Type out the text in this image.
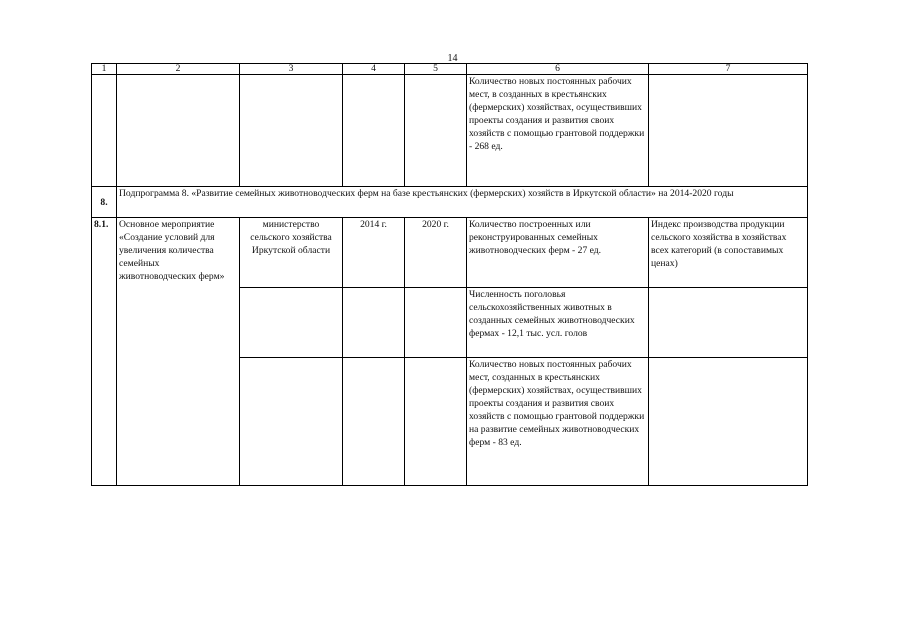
14
1	2	3	4	5	6	7
					Количество новых постоянных рабочих мест, в созданных в крестьянских (фермерских) хозяйствах, осуществивших проекты создания и развития своих хозяйств с помощью грантовой поддержки - 268 ед.	
8.	Подпрограмма 8. «Развитие семейных животноводческих ферм на базе крестьянских (фермерских) хозяйств в Иркутской области» на 2014-2020 годы					
8.1.	Основное мероприятие «Создание условий для увеличения количества семейных животноводческих ферм»	министерство сельского хозяйства Иркутской области	2014 г.	2020 г.	Количество построенных или реконструированных семейных животноводческих ферм - 27 ед.	Индекс производства продукции сельского хозяйства в хозяйствах всех категорий (в сопоставимых ценах)
					Численность поголовья сельскохозяйственных животных в созданных семейных животноводческих фермах - 12,1 тыс. усл. голов	
					Количество новых постоянных рабочих мест, созданных в крестьянских (фермерских) хозяйствах, осуществивших проекты создания и развития своих хозяйств с помощью грантовой поддержки на развитие семейных животноводческих ферм - 83 ед.	
